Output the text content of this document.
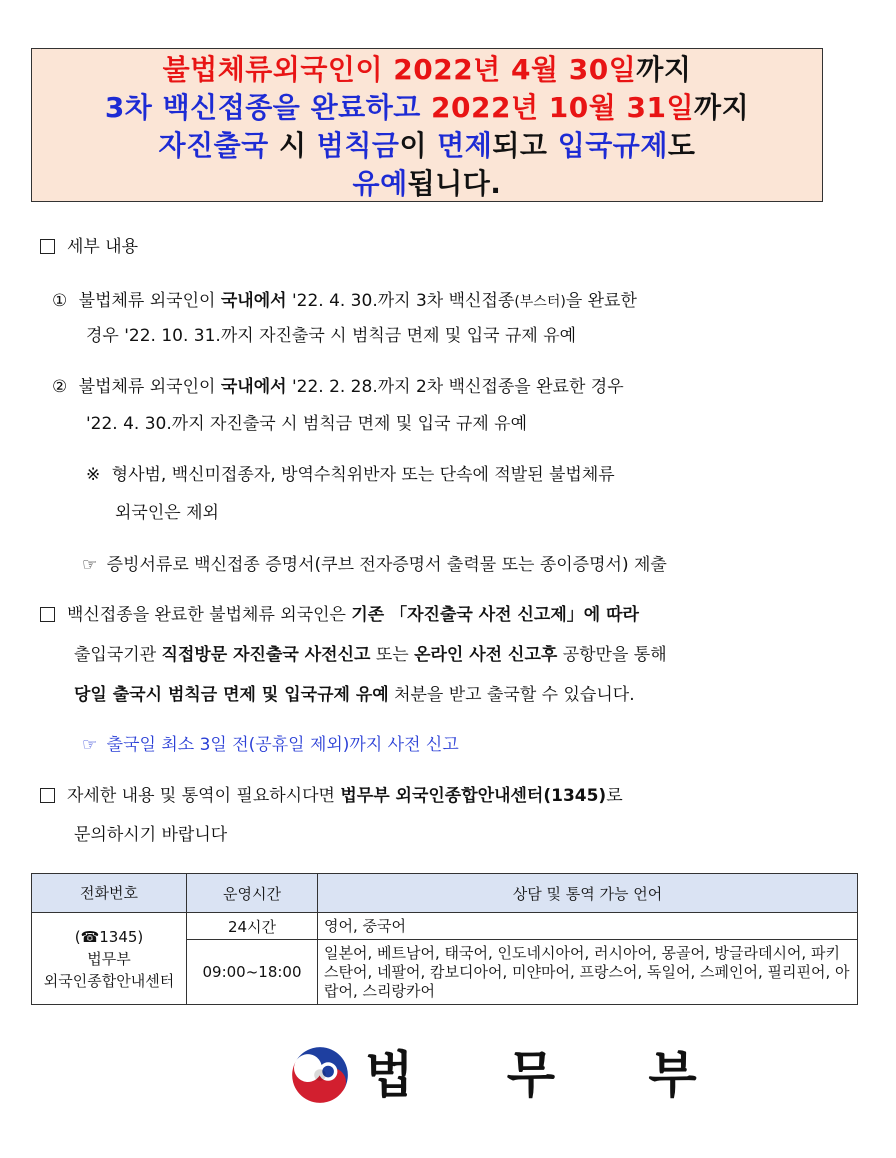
불법체류외국인이 2022년 4월 30일까지
3차 백신접종을 완료하고 2022년 10월 31일까지
자진출국 시 범칙금이 면제되고 입국규제도
유예됩니다.
세부 내용
① 불법체류 외국인이 국내에서 '22. 4. 30.까지 3차 백신접종(부스터)을 완료한
경우 '22. 10. 31.까지 자진출국 시 범칙금 면제 및 입국 규제 유예
② 불법체류 외국인이 국내에서 '22. 2. 28.까지 2차 백신접종을 완료한 경우
'22. 4. 30.까지 자진출국 시 범칙금 면제 및 입국 규제 유예
※ 형사범, 백신미접종자, 방역수칙위반자 또는 단속에 적발된 불법체류
외국인은 제외
☞ 증빙서류로 백신접종 증명서(쿠브 전자증명서 출력물 또는 종이증명서) 제출
백신접종을 완료한 불법체류 외국인은 기존 「자진출국 사전 신고제」에 따라
출입국기관 직접방문 자진출국 사전신고 또는 온라인 사전 신고후 공항만을 통해
당일 출국시 범칙금 면제 및 입국규제 유예 처분을 받고 출국할 수 있습니다.
☞ 출국일 최소 3일 전(공휴일 제외)까지 사전 신고
자세한 내용 및 통역이 필요하시다면 법무부 외국인종합안내센터(1345)로
문의하시기 바랍니다
전화번호	운영시간	상담 및 통역 가능 언어

(☎1345)
법무부
외국인종합안내센터	24시간	영어, 중국어
	09:00~18:00	일본어, 베트남어, 태국어, 인도네시아어, 러시아어, 몽골어, 방글라데시어, 파키스탄어, 네팔어, 캄보디아어, 미얀마어, 프랑스어, 독일어, 스페인어, 필리핀어, 아랍어, 스리랑카어
법 무 부
